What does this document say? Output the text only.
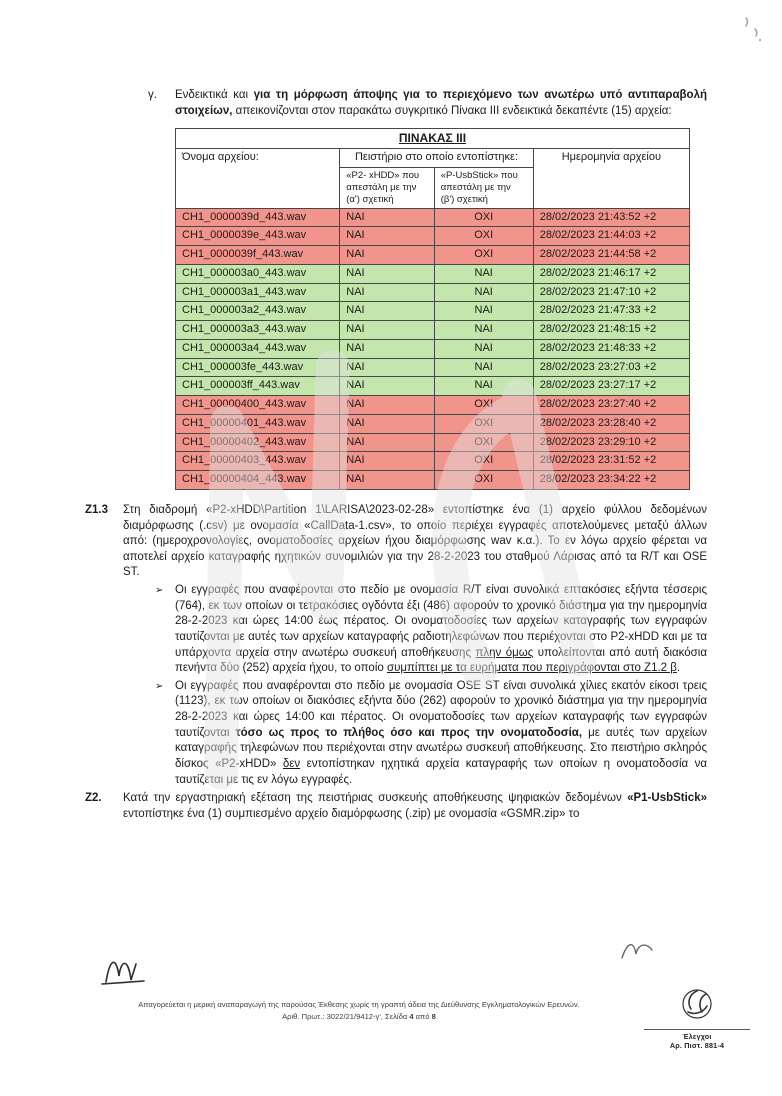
γ.	Ενδεικτικά και για τη μόρφωση άποψης για το περιεχόμενο των ανωτέρω υπό αντιπαραβολή στοιχείων, απεικονίζονται στον παρακάτω συγκριτικό Πίνακα III ενδεικτικά δεκαπέντε (15) αρχεία:
ΠΙΝΑΚΑΣ III			
Όνομα αρχείου:	Πειστήριο στο οποίο εντοπίστηκε:		Ημερομηνία αρχείου
	«P2- xHDD» που απεστάλη με την (α') σχετική	«P-UsbStick» που απεστάλη με την (β') σχετική	
CH1_0000039d_443.wav	NAI	OXI	28/02/2023 21:43:52 +2
CH1_0000039e_443.wav	NAI	OXI	28/02/2023 21:44:03 +2
CH1_0000039f_443.wav	NAI	OXI	28/02/2023 21:44:58 +2
CH1_000003a0_443.wav	NAI	NAI	28/02/2023 21:46:17 +2
CH1_000003a1_443.wav	NAI	NAI	28/02/2023 21:47:10 +2
CH1_000003a2_443.wav	NAI	NAI	28/02/2023 21:47:33 +2
CH1_000003a3_443.wav	NAI	NAI	28/02/2023 21:48:15 +2
CH1_000003a4_443.wav	NAI	NAI	28/02/2023 21:48:33 +2
CH1_000003fe_443.wav	NAI	NAI	28/02/2023 23:27:03 +2
CH1_000003ff_443.wav	NAI	NAI	28/02/2023 23:27:17 +2
CH1_00000400_443.wav	NAI	OXI	28/02/2023 23:27:40 +2
CH1_00000401_443.wav	NAI	OXI	28/02/2023 23:28:40 +2
CH1_00000402_443.wav	NAI	OXI	28/02/2023 23:29:10 +2
CH1_00000403_443.wav	NAI	OXI	28/02/2023 23:31:52 +2
CH1_00000404_443.wav	NAI	OXI	28/02/2023 23:34:22 +2
Ζ1.3	Στη διαδρομή «P2-xHDD\Partition 1\LARISA\2023-02-28» εντοπίστηκε ένα (1) αρχείο φύλλου δεδομένων διαμόρφωσης (.csv) με ονομασία «CallData-1.csv», το οποίο περιέχει εγγραφές αποτελούμενες μεταξύ άλλων από: (ημεροχρονολογίες, ονοματοδοσίες αρχείων ήχου διαμόρφωσης wav κ.α.). Το εν λόγω αρχείο φέρεται να αποτελεί αρχείο καταγραφής ηχητικών συνομιλιών για την 28-2-2023 του σταθμού Λάρισας από τα R/T και OSE ST.
➢	Οι εγγραφές που αναφέρονται στο πεδίο με ονομασία R/T είναι συνολικά επτακόσιες εξήντα τέσσερις (764), εκ των οποίων οι τετρακόσιες ογδόντα έξι (486) αφορούν το χρονικό διάστημα για την ημερομηνία 28-2-2023 και ώρες 14:00 έως πέρατος. Οι ονοματοδοσίες των αρχείων καταγραφής των εγγραφών ταυτίζονται με αυτές των αρχείων καταγραφής ραδιοτηλεφώνων που περιέχονται στο P2-xHDD και με τα υπάρχοντα αρχεία στην ανωτέρω συσκευή αποθήκευσης πλην όμως υπολείπονται από αυτή διακόσια πενήντα δύο (252) αρχεία ήχου, το οποίο συμπίπτει με τα ευρήματα που περιγράφονται στο Ζ1.2 β.
➢	Οι εγγραφές που αναφέρονται στο πεδίο με ονομασία OSE ST είναι συνολικά χίλιες εκατόν είκοσι τρεις (1123), εκ των οποίων οι διακόσιες εξήντα δύο (262) αφορούν το χρονικό διάστημα για την ημερομηνία 28-2-2023 και ώρες 14:00 και πέρατος. Οι ονοματοδοσίες των αρχείων καταγραφής των εγγραφών ταυτίζονται τόσο ως προς το πλήθος όσο και προς την ονοματοδοσία, με αυτές των αρχείων καταγραφής τηλεφώνων που περιέχονται στην ανωτέρω συσκευή αποθήκευσης. Στο πειστήριο σκληρός δίσκος «P2-xHDD» δεν εντοπίστηκαν ηχητικά αρχεία καταγραφής των οποίων η ονοματοδοσία να ταυτίζεται με τις εν λόγω εγγραφές.
Ζ2.	Κατά την εργαστηριακή εξέταση της πειστήριας συσκευής αποθήκευσης ψηφιακών δεδομένων «P1-UsbStick» εντοπίστηκε ένα (1) συμπιεσμένο αρχείο διαμόρφωσης (.zip) με ονομασία «GSMR.zip» το
Απαγορεύεται η μερική αναπαραγωγή της παρούσας Έκθεσης χωρίς τη γραπτή άδεια της Διεύθυνσης Εγκληματολογικών Ερευνών.
Αριθ. Πρωτ.: 3022/21/9412-γ', Σελίδα 4 από 8
Έλεγχοι
Αρ. Πιστ. 881-4
